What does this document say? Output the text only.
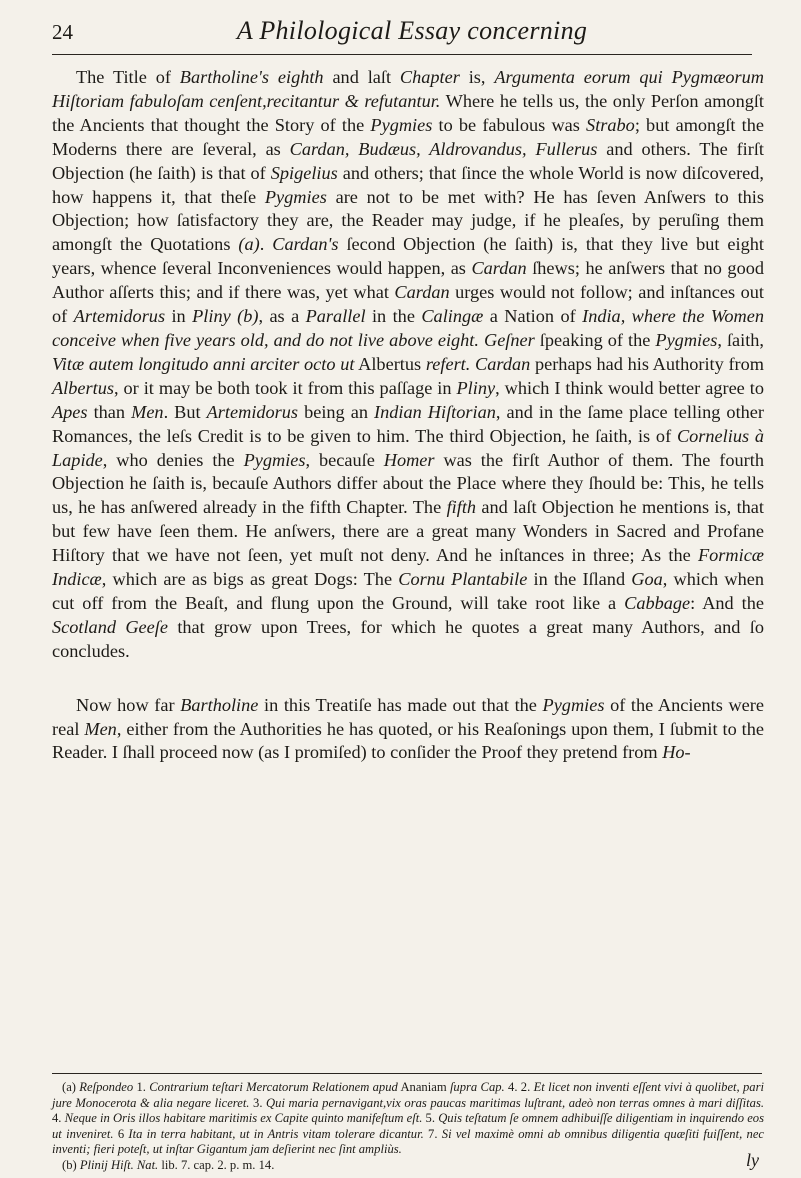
24	A Philological Essay concerning

The Title of Bartholine's eighth and laſt Chapter is, Argumenta eorum qui Pygmæorum Hiſtoriam fabuloſam cenſent,recitantur & refutantur. Where he tells us, the only Perſon amongſt the Ancients that thought the Story of the Pygmies to be fabulous was Strabo; but amongſt the Moderns there are ſeveral, as Cardan, Budæus, Aldrovandus, Fullerus and others. The firſt Objection (he ſaith) is that of Spigelius and others; that ſince the whole World is now diſcovered, how happens it, that theſe Pygmies are not to be met with? He has ſeven Anſwers to this Objection; how ſatisfactory they are, the Reader may judge, if he pleaſes, by peruſing them amongſt the Quotations (a). Cardan's ſecond Objection (he ſaith) is, that they live but eight years, whence ſeveral Inconveniences would happen, as Cardan ſhews; he anſwers that no good Author aſſerts this; and if there was, yet what Cardan urges would not follow; and inſtances out of Artemidorus in Pliny (b), as a Parallel in the Calingæ a Nation of India, where the Women conceive when five years old, and do not live above eight. Geſner ſpeaking of the Pygmies, ſaith, Vitæ autem longitudo anni arciter octo ut Albertus refert. Cardan perhaps had his Authority from Albertus, or it may be both took it from this paſſage in Pliny, which I think would better agree to Apes than Men. But Artemidorus being an Indian Hiſtorian, and in the ſame place telling other Romances, the leſs Credit is to be given to him. The third Objection, he ſaith, is of Cornelius à Lapide, who denies the Pygmies, becauſe Homer was the firſt Author of them. The fourth Objection he ſaith is, becauſe Authors differ about the Place where they ſhould be: This, he tells us, he has anſwered already in the fifth Chapter. The fifth and laſt Objection he mentions is, that but few have ſeen them. He anſwers, there are a great many Wonders in Sacred and Profane Hiſtory that we have not ſeen, yet muſt not deny. And he inſtances in three; As the Formicæ Indicæ, which are as bigs as great Dogs: The Cornu Plantabile in the Iſland Goa, which when cut off from the Beaſt, and flung upon the Ground, will take root like a Cabbage: And the Scotland Geeſe that grow upon Trees, for which he quotes a great many Authors, and ſo concludes.

Now how far Bartholine in this Treatiſe has made out that the Pygmies of the Ancients were real Men, either from the Authorities he has quoted, or his Reaſonings upon them, I ſubmit to the Reader. I ſhall proceed now (as I promiſed) to conſider the Proof they pretend from Ho-

(a) Reſpondeo 1. Contrarium teſtari Mercatorum Relationem apud Ananiam ſupra Cap. 4. 2. Et licet non inventi eſſent vivi à quolibet, pari jure Monocerota & alia negare liceret. 3. Qui maria pernavigant,vix oras paucas maritimas luſtrant, adeò non terras omnes à mari diſſitas. 4. Neque in Oris illos habitare maritimis ex Capite quinto manifeſtum eſt. 5. Quis teſtatum ſe omnem adhibuiſſe diligentiam in inquirendo eos ut inveniret. 6 Ita in terra habitant, ut in Antris vitam tolerare dicantur. 7. Si vel maximè omni ab omnibus diligentia quæſiti fuiſſent, nec inventi; fieri poteſt, ut inſtar Gigantum jam deſierint nec ſint ampliùs.

(b) Plinij Hiſt. Nat. lib. 7. cap. 2. p. m. 14.	ly
